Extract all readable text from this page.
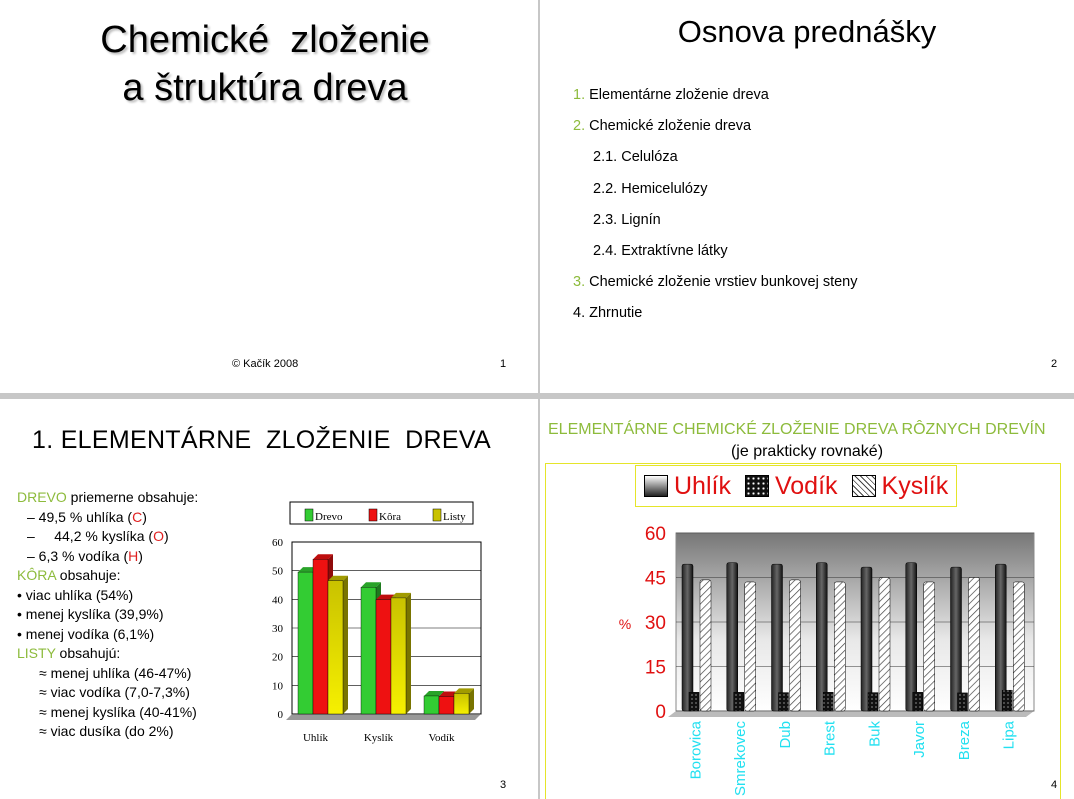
Chemické  zloženie
a štruktúra dreva
© Kačík 2008	1
Osnova prednášky
1. Elementárne zloženie dreva
2. Chemické zloženie dreva
2.1. Celulóza
2.2. Hemicelulózy
2.3. Lignín
2.4. Extraktívne látky
3. Chemické zloženie vrstiev bunkovej steny
4. Zhrnutie
2
1. ELEMENTÁRNE  ZLOŽENIE  DREVA
DREVO priemerne obsahuje:
– 49,5 % uhlíka (C)
–     44,2 % kyslíka (O)
– 6,3 % vodíka (H)
KÔRA obsahuje:
• viac uhlíka (54%)
• menej kyslíka (39,9%)
• menej vodíka (6,1%)
LISTY obsahujú:
≈ menej uhlíka (46-47%)
≈ viac vodíka (7,0-7,3%)
≈ menej kyslíka (40-41%)
≈ viac dusíka (do 2%)
Drevo	Kôra	Listy
0
10
20
30
40
50
60
Uhlík	Kyslík	Vodík
3
ELEMENTÁRNE CHEMICKÉ ZLOŽENIE DREVA RÔZNYCH DREVÍN
(je prakticky rovnaké)
Uhlík Vodík Kyslík
0
15
30
45
60
%
Borovica Smrekovec Dub Brest Buk Javor Breza Lipa
4
